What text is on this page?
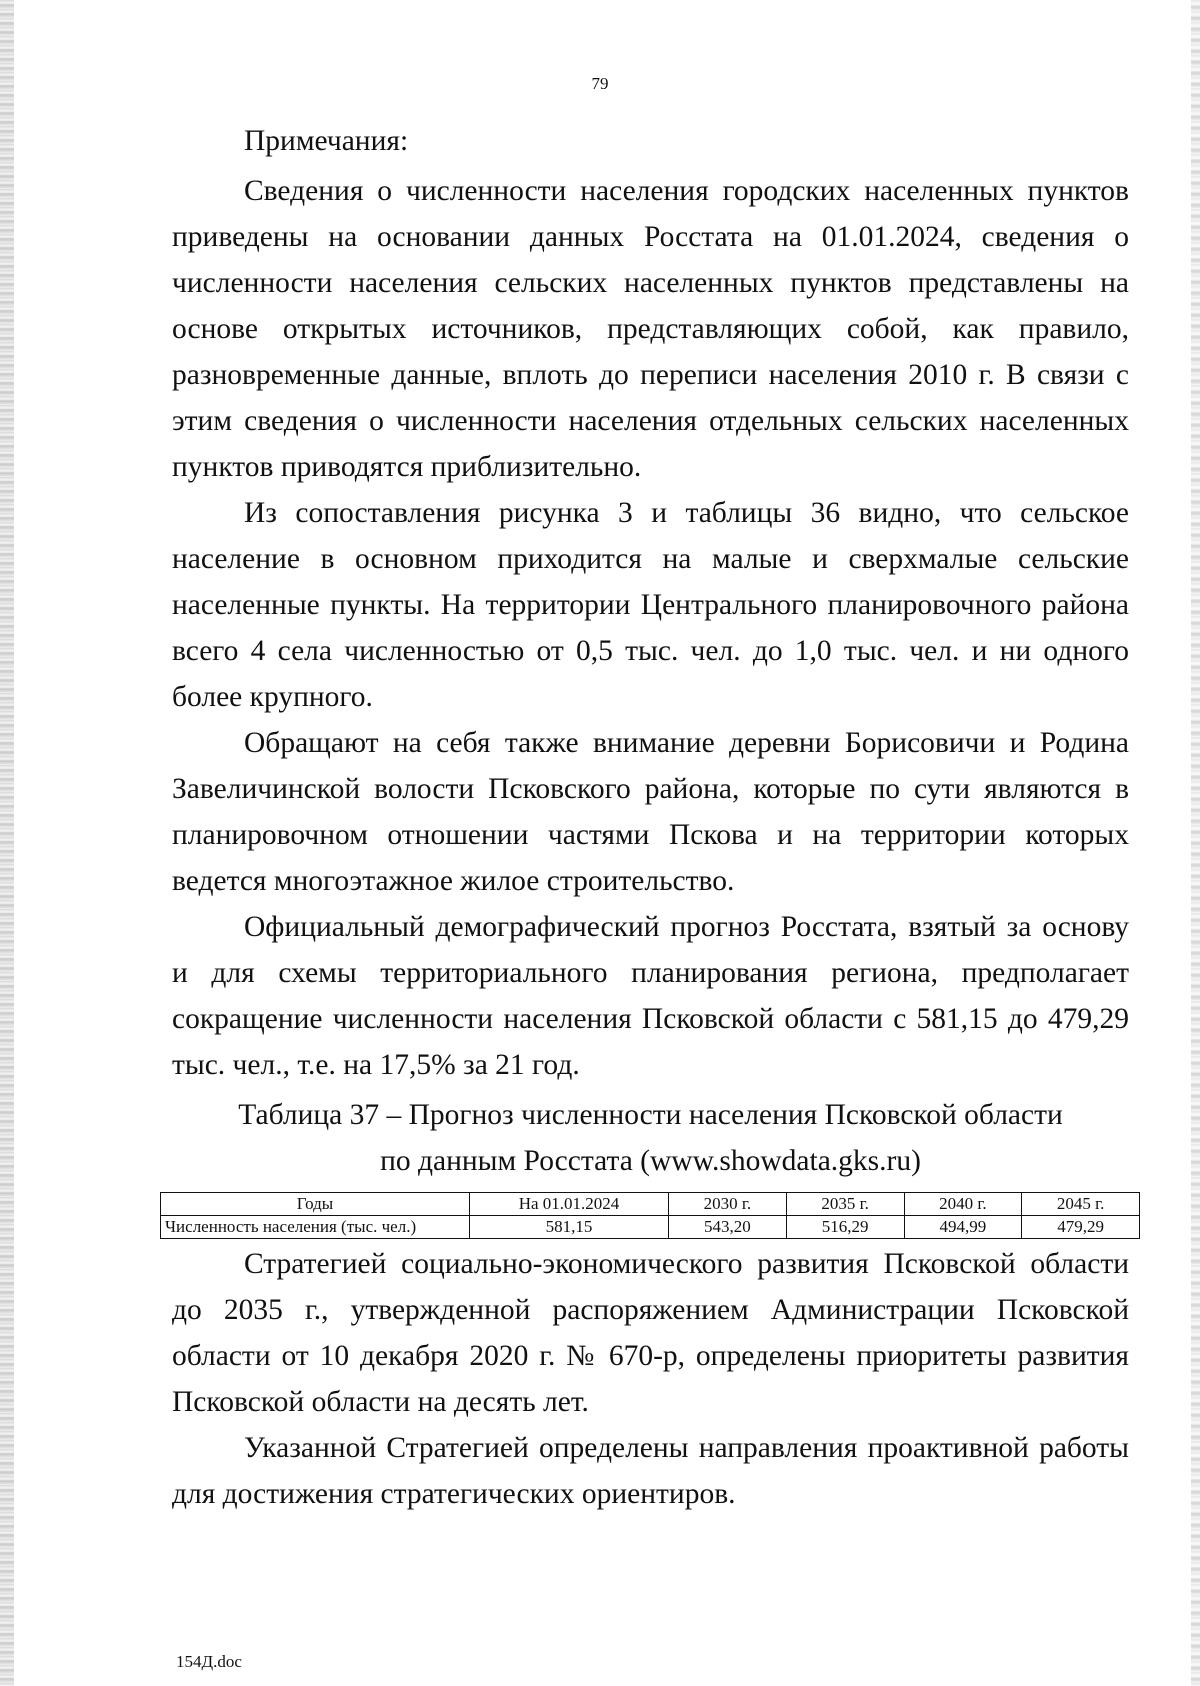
79

Примечания:

Сведения о численности населения городских населенных пунктов приведены на основании данных Росстата на 01.01.2024, сведения о численности населения сельских населенных пунктов представлены на основе открытых источников, представляющих собой, как правило, разновременные данные, вплоть до переписи населения 2010 г. В связи с этим сведения о численности населения отдельных сельских населенных пунктов приводятся приблизительно.

Из сопоставления рисунка 3 и таблицы 36 видно, что сельское население в основном приходится на малые и сверхмалые сельские населенные пункты. На территории Центрального планировочного района всего 4 села численностью от 0,5 тыс. чел. до 1,0 тыс. чел. и ни одного более крупного.

Обращают на себя также внимание деревни Борисовичи и Родина Завеличинской волости Псковского района, которые по сути являются в планировочном отношении частями Пскова и на территории которых ведется многоэтажное жилое строительство.

Официальный демографический прогноз Росстата, взятый за основу и для схемы территориального планирования региона, предполагает сокращение численности населения Псковской области с 581,15 до 479,29 тыс. чел., т.е. на 17,5% за 21 год.

Таблица 37 – Прогноз численности населения Псковской области

по данным Росстата (www.showdata.gks.ru)

Годы	На 01.01.2024	2030 г.	2035 г.	2040 г.	2045 г.
Численность населения (тыс. чел.)	581,15	543,20	516,29	494,99	479,29

Стратегией социально-экономического развития Псковской области до 2035 г., утвержденной распоряжением Администрации Псковской области от 10 декабря 2020 г. № 670-р, определены приоритеты развития Псковской области на десять лет.

Указанной Стратегией определены направления проактивной работы для достижения стратегических ориентиров.

154Д.doc
